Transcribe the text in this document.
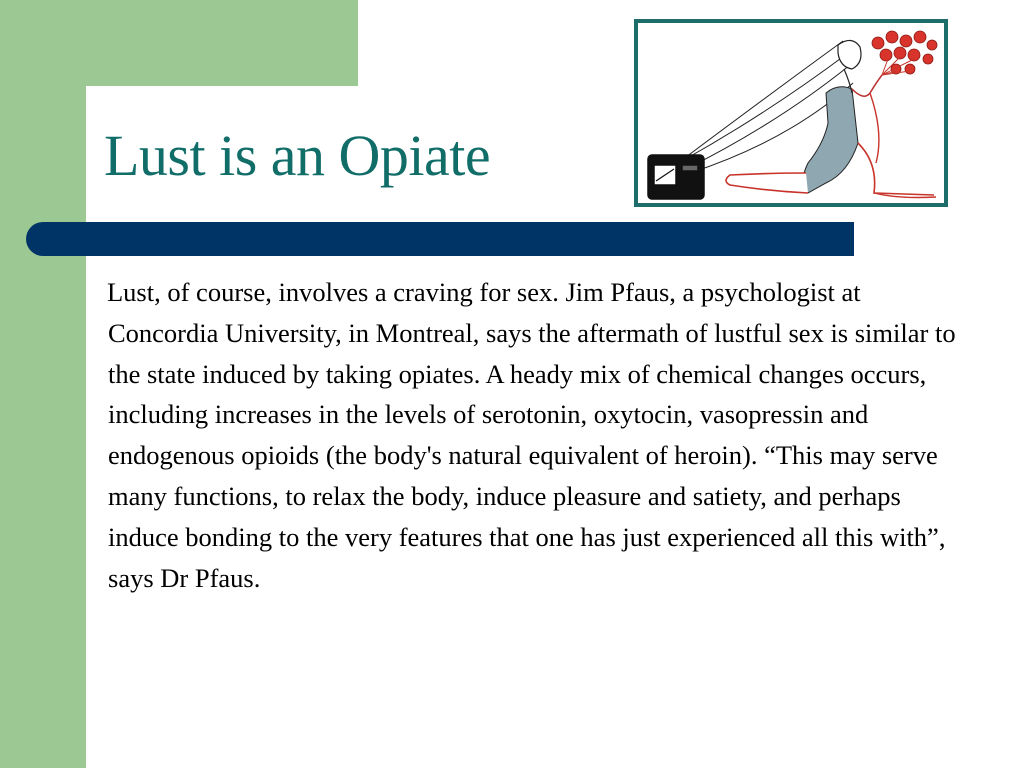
Lust is an Opiate

Lust, of course, involves a craving for sex. Jim Pfaus, a psychologist at Concordia University, in Montreal, says the aftermath of lustful sex is similar to the state induced by taking opiates. A heady mix of chemical changes occurs, including increases in the levels of serotonin, oxytocin, vasopressin and endogenous opioids (the body's natural equivalent of heroin). “This may serve many functions, to relax the body, induce pleasure and satiety, and perhaps induce bonding to the very features that one has just experienced all this with”, says Dr Pfaus.
